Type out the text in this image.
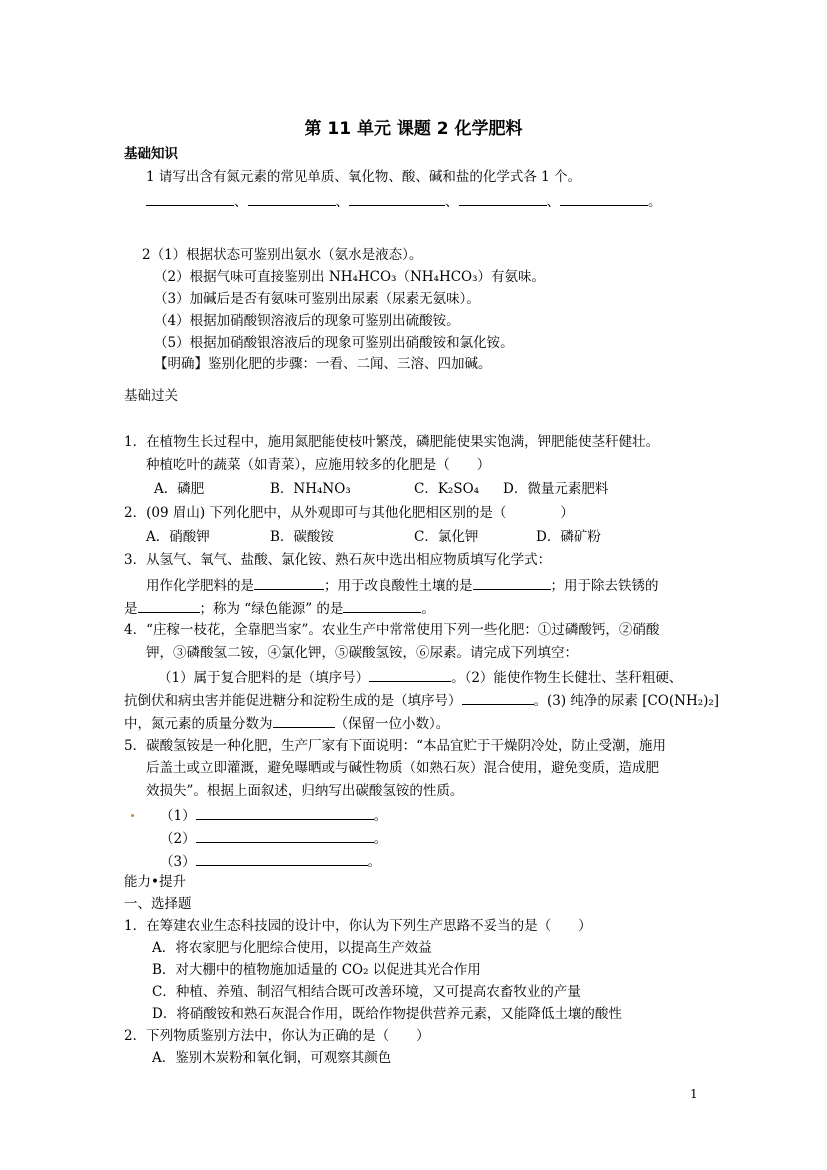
第 11 单元 课题 2 化学肥料
基础知识
1 请写出含有氮元素的常见单质、氧化物、酸、碱和盐的化学式各 1 个。
、	、	、	、	。
2（1）根据状态可鉴别出氨水（氨水是液态）。
（2）根据气味可直接鉴别出 NH₄HCO₃（NH₄HCO₃）有氨味。
（3）加碱后是否有氨味可鉴别出尿素（尿素无氨味）。
（4）根据加硝酸钡溶液后的现象可鉴别出硫酸铵。
（5）根据加硝酸银溶液后的现象可鉴别出硝酸铵和氯化铵。
【明确】鉴别化肥的步骤：一看、二闻、三溶、四加碱。
基础过关
1．在植物生长过程中，施用氮肥能使枝叶繁茂，磷肥能使果实饱满，钾肥能使茎秆健壮。
种植吃叶的蔬菜（如青菜），应施用较多的化肥是（　　）
A．磷肥	B．NH₄NO₃	C．K₂SO₄ D．微量元素肥料
2．(09 眉山) 下列化肥中，从外观即可与其他化肥相区别的是（　　　　）
A．硝酸钾	B．碳酸铵	C．氯化钾	D．磷矿粉
3．从氢气、氧气、盐酸、氯化铵、熟石灰中选出相应物质填写化学式：
用作化学肥料的是	；用于改良酸性土壤的是	；用于除去铁锈的
是	；称为 “绿色能源” 的是	。
4．“庄稼一枝花，全靠肥当家”。农业生产中常常使用下列一些化肥：①过磷酸钙，②硝酸
钾，③磷酸氢二铵，④氯化钾，⑤碳酸氢铵，⑥尿素。请完成下列填空：
（1）属于复合肥料的是（填序号）	。（2）能使作物生长健壮、茎秆粗硬、
抗倒伏和病虫害并能促进糖分和淀粉生成的是（填序号）	。(3) 纯净的尿素 [CO(NH₂)₂]
中，氮元素的质量分数为	（保留一位小数）。
5．碳酸氢铵是一种化肥，生产厂家有下面说明：“本品宜贮于干燥阴冷处，防止受潮，施用
后盖土或立即灌溉，避免曝晒或与碱性物质（如熟石灰）混合使用，避免变质，造成肥
效损失”。根据上面叙述，归纳写出碳酸氢铵的性质。
（1）	。
（2）	。
（3）	。
能力•提升
一、选择题
1．在筹建农业生态科技园的设计中，你认为下列生产思路不妥当的是（　　）
A．将农家肥与化肥综合使用，以提高生产效益
B．对大棚中的植物施加适量的 CO₂ 以促进其光合作用
C．种植、养殖、制沼气相结合既可改善环境，又可提高农畜牧业的产量
D．将硝酸铵和熟石灰混合作用，既给作物提供营养元素，又能降低土壤的酸性
2．下列物质鉴别方法中，你认为正确的是（　　）
A．鉴别木炭粉和氧化铜，可观察其颜色
1
